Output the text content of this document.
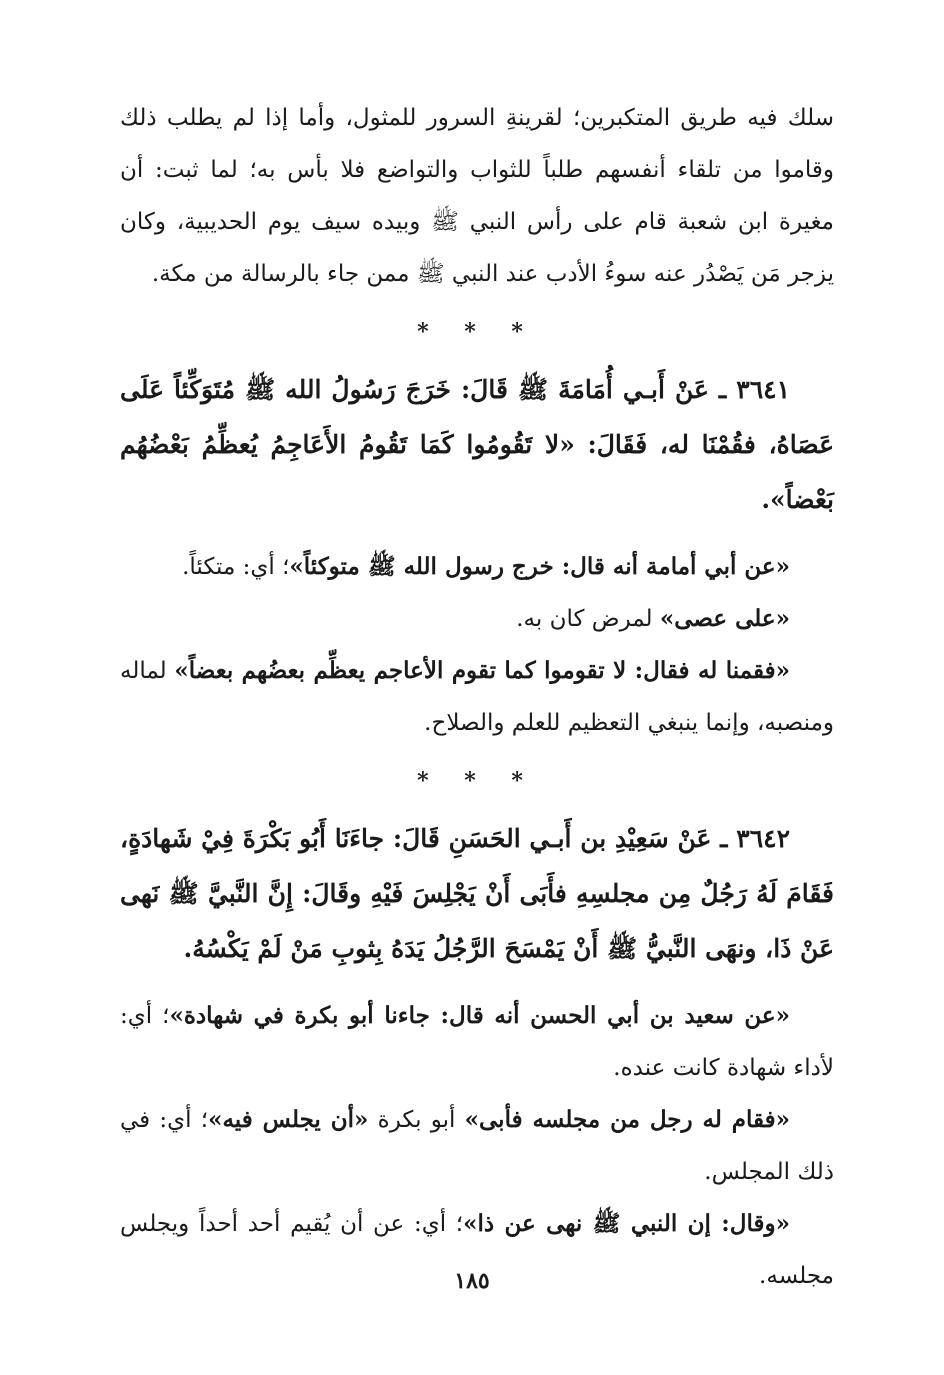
سلك فيه طريق المتكبرين؛ لقرينةِ السرور للمثول، وأما إذا لم يطلب ذلك وقاموا من تلقاء أنفسهم طلباً للثواب والتواضع فلا بأس به؛ لما ثبت: أن مغيرة ابن شعبة قام على رأس النبي ﷺ وبيده سيف يوم الحديبية، وكان يزجر مَن يَصْدُر عنه سوءُ الأدب عند النبي ﷺ ممن جاء بالرسالة من مكة.

* * *

٣٦٤١ ـ عَنْ أَبـي أُمَامَةَ ﷺ قَالَ: خَرَجَ رَسُولُ الله ﷺ مُتَوَكِّئاً عَلَى عَصَاهُ، فقُمْنَا له، فَقَالَ: «لا تَقُومُوا كَمَا تَقُومُ الأَعَاجِمُ يُعظِّمُ بَعْضُهُم بَعْضاً».

«عن أبي أمامة أنه قال: خرج رسول الله ﷺ متوكئاً»؛ أي: متكئاً.

«على عصى» لمرض كان به.

«فقمنا له فقال: لا تقوموا كما تقوم الأعاجم يعظِّم بعضُهم بعضاً» لماله ومنصبه، وإنما ينبغي التعظيم للعلم والصلاح.

* * *

٣٦٤٢ ـ عَنْ سَعِيْدِ بن أَبـي الحَسَنِ قَالَ: جاءَنَا أَبُو بَكْرَةَ فِيْ شَهادَةٍ، فَقَامَ لَهُ رَجُلٌ مِن مجلسِهِ فأَبَى أَنْ يَجْلِسَ فَيْهِ وقَالَ: إِنَّ النَّبيَّ ﷺ نَهى عَنْ ذَا، ونهَى النَّبيُّ ﷺ أَنْ يَمْسَحَ الرَّجُلُ يَدَهُ بِثوبِ مَنْ لَمْ يَكْسُهُ.

«عن سعيد بن أبي الحسن أنه قال: جاءنا أبو بكرة في شهادة»؛ أي: لأداء شهادة كانت عنده.

«فقام له رجل من مجلسه فأبى» أبو بكرة «أن يجلس فيه»؛ أي: في ذلك المجلس.

«وقال: إن النبي ﷺ نهى عن ذا»؛ أي: عن أن يُقيم أحد أحداً ويجلس مجلسه.

١٨٥
